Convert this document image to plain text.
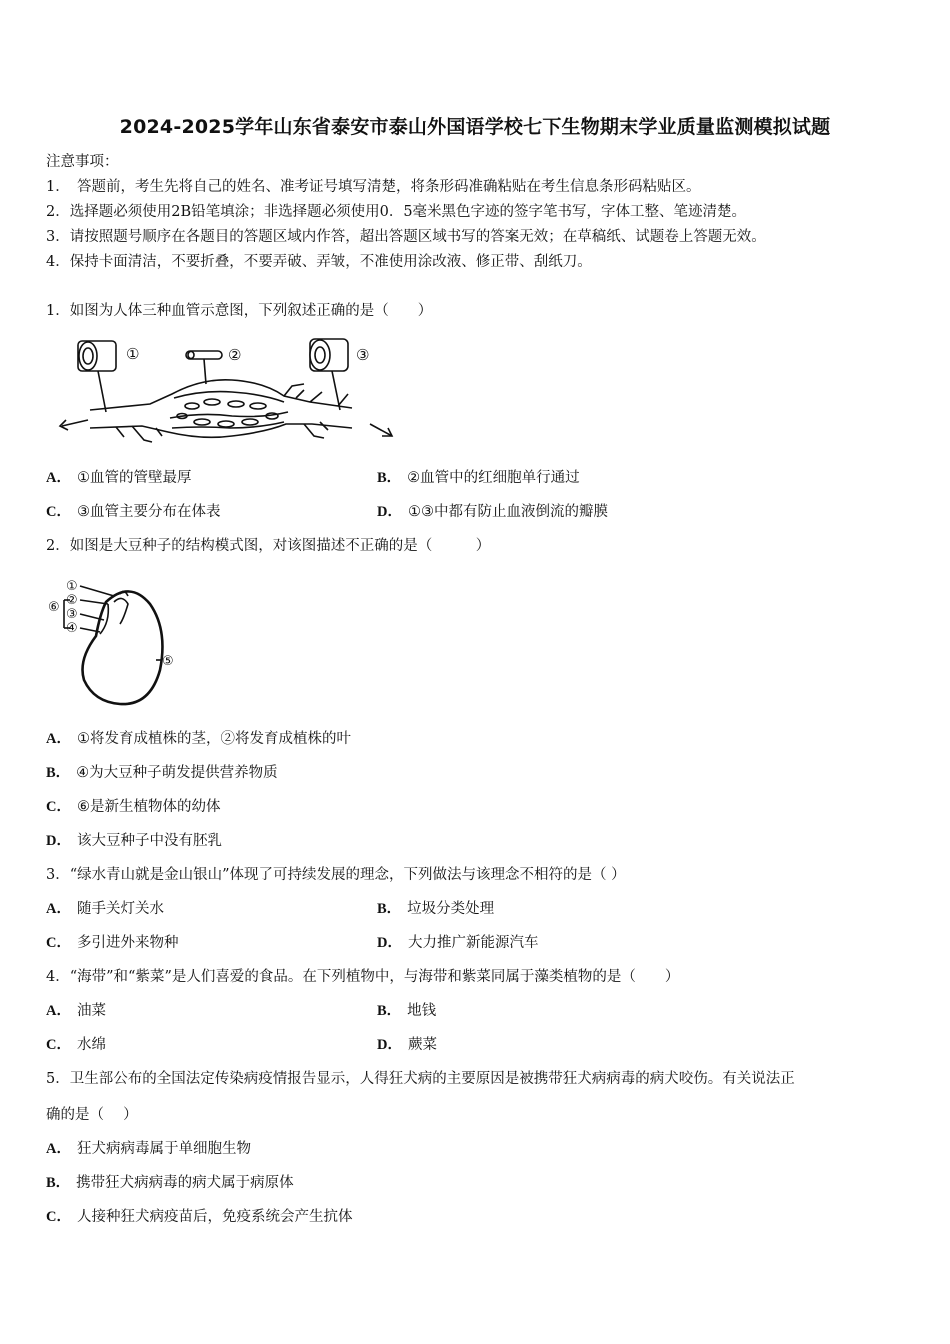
2024-2025学年山东省泰安市泰山外国语学校七下生物期末学业质量监测模拟试题
注意事项：
1．　答题前，考生先将自己的姓名、准考证号填写清楚，将条形码准确粘贴在考生信息条形码粘贴区。
2．选择题必须使用2B铅笔填涂；非选择题必须使用0．5毫米黑色字迹的签字笔书写，字体工整、笔迹清楚。
3．请按照题号顺序在各题目的答题区域内作答，超出答题区域书写的答案无效；在草稿纸、试题卷上答题无效。
4．保持卡面清洁，不要折叠，不要弄破、弄皱，不准使用涂改液、修正带、刮纸刀。
1．如图为人体三种血管示意图，下列叙述正确的是（　　）
①	②	③
A． ①血管的管壁最厚	B． ②血管中的红细胞单行通过
C． ③血管主要分布在体表	D． ①③中都有防止血液倒流的瓣膜
2．如图是大豆种子的结构模式图，对该图描述不正确的是（　　　）
①
②
③
④
⑤
⑥
A． ①将发育成植株的茎，②将发育成植株的叶
B． ④为大豆种子萌发提供营养物质
C． ⑥是新生植物体的幼体
D． 该大豆种子中没有胚乳
3．“绿水青山就是金山银山”体现了可持续发展的理念，下列做法与该理念不相符的是（ ）
A． 随手关灯关水	B． 垃圾分类处理
C． 多引进外来物种	D． 大力推广新能源汽车
4．“海带”和“紫菜”是人们喜爱的食品。在下列植物中，与海带和紫菜同属于藻类植物的是（　　）
A． 油菜	B． 地钱
C． 水绵	D． 蕨菜
5．卫生部公布的全国法定传染病疫情报告显示，人得狂犬病的主要原因是被携带狂犬病病毒的病犬咬伤。有关说法正
确的是（　 ）
A． 狂犬病病毒属于单细胞生物
B． 携带狂犬病病毒的病犬属于病原体
C． 人接种狂犬病疫苗后，免疫系统会产生抗体
